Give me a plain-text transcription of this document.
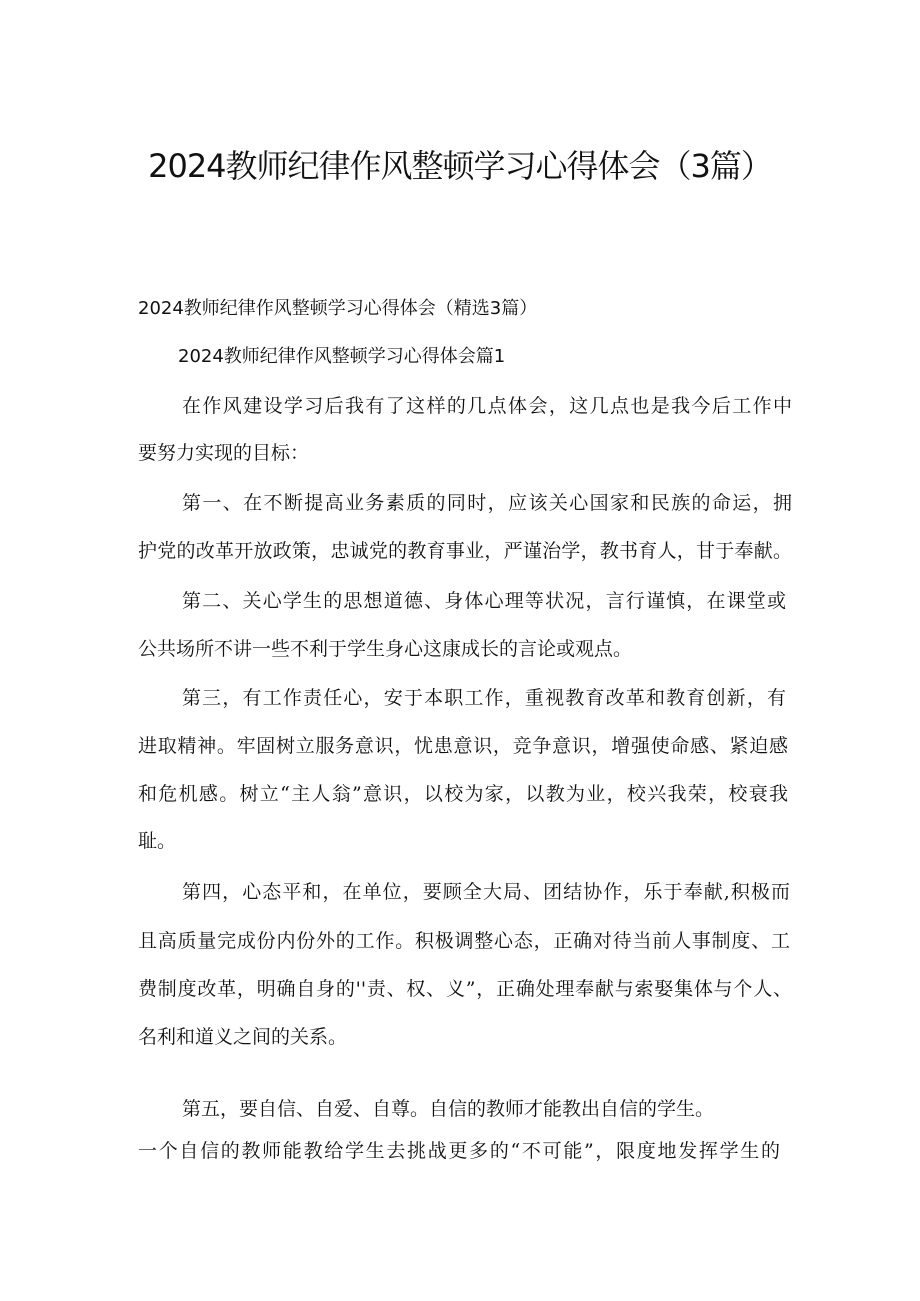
2024教师纪律作风整顿学习心得体会（3篇）
2024教师纪律作风整顿学习心得体会（精选3篇）
2024教师纪律作风整顿学习心得体会篇1
在作风建设学习后我有了这样的几点体会，这几点也是我今后工作中
要努力实现的目标：
第一、在不断提高业务素质的同时，应该关心国家和民族的命运，拥
护党的改革开放政策，忠诚党的教育事业，严谨治学，教书育人，甘于奉献。
第二、关心学生的思想道德、身体心理等状况，言行谨慎，在课堂或
公共场所不讲一些不利于学生身心这康成长的言论或观点。
第三，有工作责任心，安于本职工作，重视教育改革和教育创新，有
进取精神。牢固树立服务意识，忧患意识，竞争意识，增强使命感、紧迫感
和危机感。树立“主人翁”意识，以校为家，以教为业，校兴我荣，校衰我
耻。
第四，心态平和，在单位，要顾全大局、团结协作，乐于奉献,积极而
且高质量完成份内份外的工作。积极调整心态，正确对待当前人事制度、工
费制度改革，明确自身的''责、权、义”，正确处理奉献与索娶集体与个人、
名利和道义之间的关系。
第五，要自信、自爱、自尊。自信的教师才能教出自信的学生。
一个自信的教师能教给学生去挑战更多的“不可能”，限度地发挥学生的
